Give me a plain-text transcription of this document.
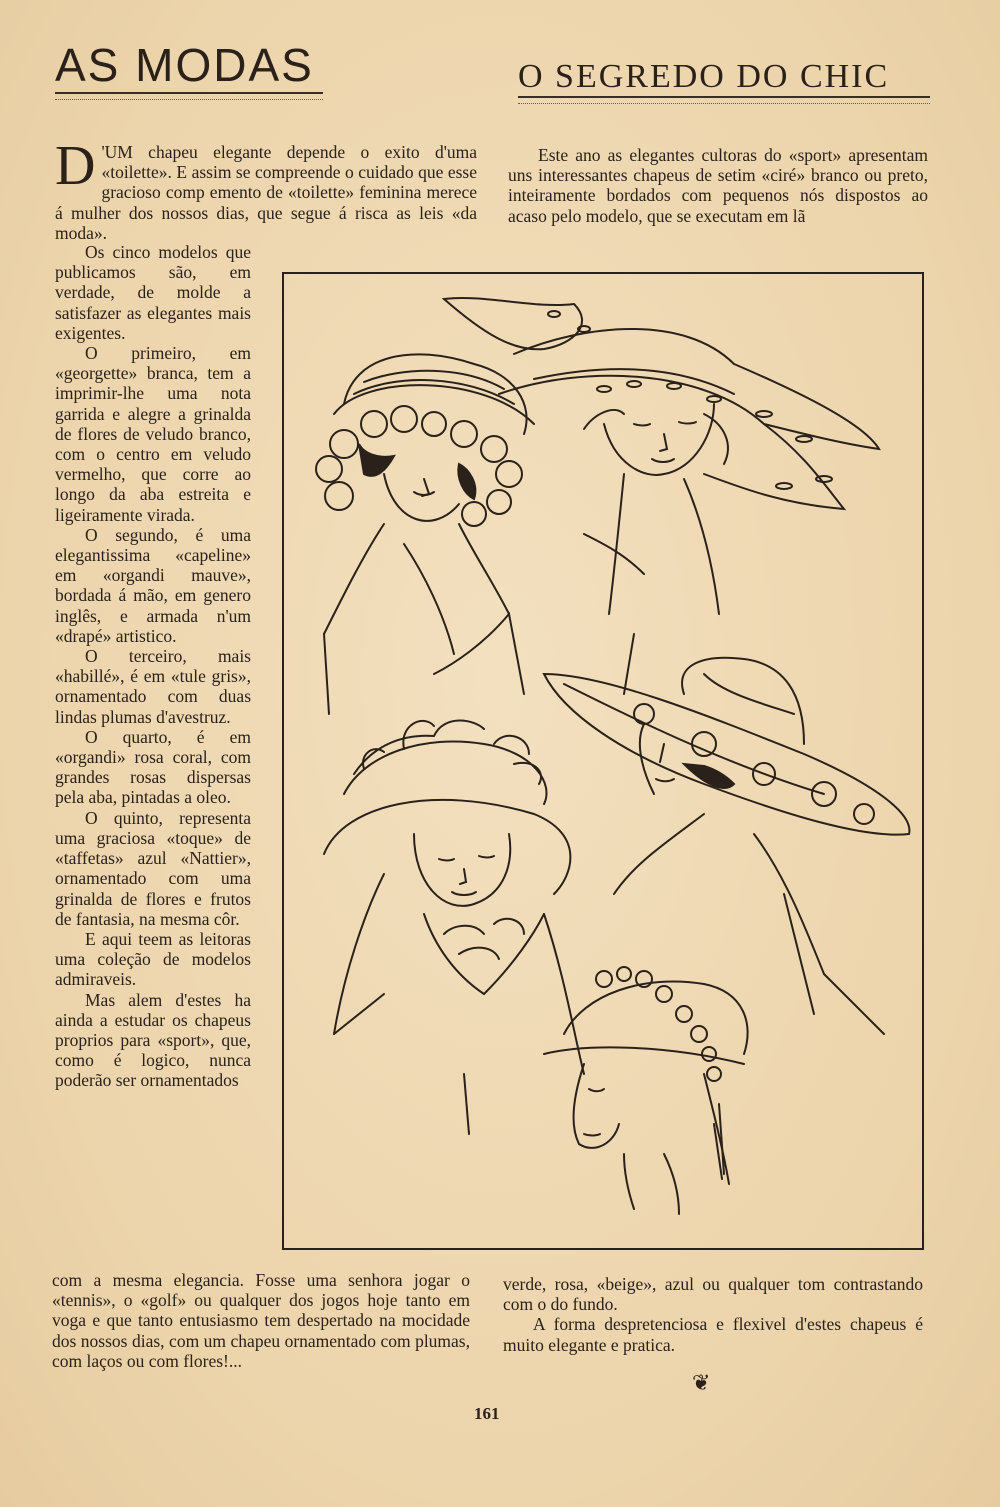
AS MODAS	O SEGREDO DO CHIC
D 'UM chapeu elegante depende o exito d'uma «toilette». E assim se compreende o cuidado que esse gracioso comp emento de «toilette» feminina merece á mulher dos nossos dias, que segue á risca as leis «da moda».

Este ano as elegantes cultoras do «sport» apresentam uns interessantes chapeus de setim «ciré» branco ou preto, inteiramente bordados com pequenos nós dispostos ao acaso pelo modelo, que se executam em lã

Os cinco modelos que publicamos são, em verdade, de molde a satisfazer as elegantes mais exigentes.

O primeiro, em «georgette» branca, tem a imprimir-lhe uma nota garrida e alegre a grinalda de flores de veludo branco, com o centro em veludo vermelho, que corre ao longo da aba estreita e ligeiramente virada.

O segundo, é uma elegantissima «capeline» em «organdi mauve», bordada á mão, em genero inglês, e armada n'um «drapé» artistico.

O terceiro, mais «habillé», é em «tule gris», ornamentado com duas lindas plumas d'avestruz.

O quarto, é em «organdi» rosa coral, com grandes rosas dispersas pela aba, pintadas a oleo.

O quinto, representa uma graciosa «toque» de «taffetas» azul «Nattier», ornamentado com uma grinalda de flores e frutos de fantasia, na mesma côr.

E aqui teem as leitoras uma coleção de modelos admiraveis.

Mas alem d'estes ha ainda a estudar os chapeus proprios para «sport», que, como é logico, nunca poderão ser ornamentados

com a mesma elegancia. Fosse uma senhora jogar o «tennis», o «golf» ou qualquer dos jogos hoje tanto em voga e que tanto entusiasmo tem despertado na mocidade dos nossos dias, com um chapeu ornamentado com plumas, com laços ou com flores!...

verde, rosa, «beige», azul ou qualquer tom contrastando com o do fundo.

A forma despretenciosa e flexivel d'estes chapeus é muito elegante e pratica.

❦
161
